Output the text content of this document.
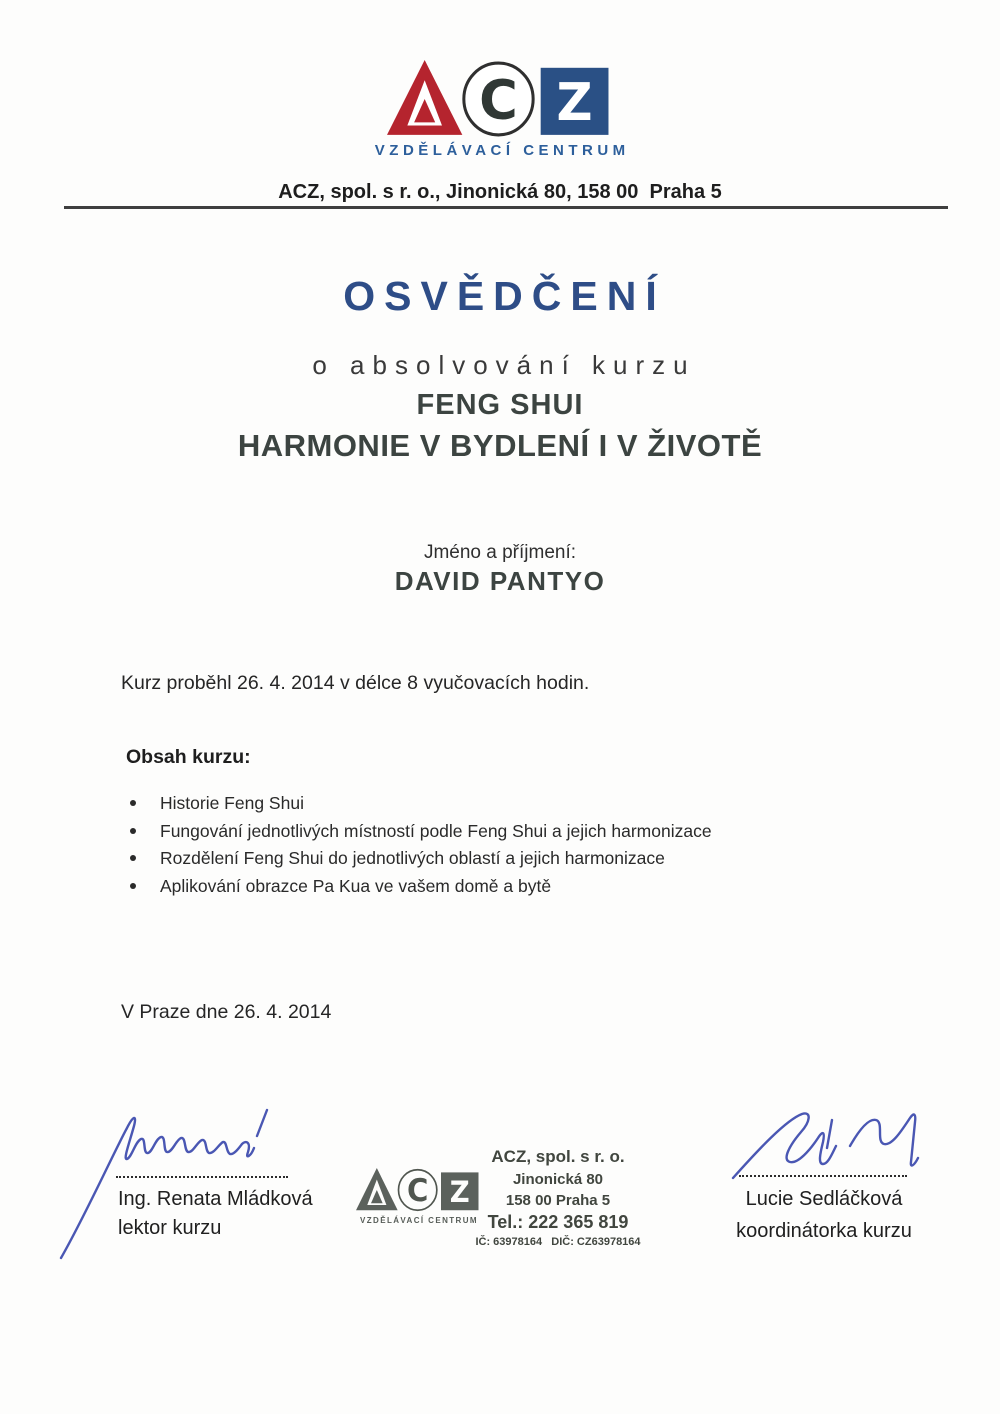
C Z
VZDĚLÁVACÍ CENTRUM
ACZ, spol. s r. o., Jinonická 80, 158 00  Praha 5
OSVĚDČENÍ
o absolvování kurzu
FENG SHUI
HARMONIE V BYDLENÍ I V ŽIVOTĚ
Jméno a příjmení:
DAVID PANTYO
Kurz proběhl 26. 4. 2014 v délce 8 vyučovacích hodin.
Obsah kurzu:
Historie Feng Shui
Fungování jednotlivých místností podle Feng Shui a jejich harmonizace
Rozdělení Feng Shui do jednotlivých oblastí a jejich harmonizace
Aplikování obrazce Pa Kua ve vašem domě a bytě
V Praze dne 26. 4. 2014
Ing. Renata Mládková
lektor kurzu
C Z
VZDĚLÁVACÍ CENTRUM
ACZ, spol. s r. o.
Jinonická 80
158 00 Praha 5
Tel.: 222 365 819
IČ: 63978164   DIČ: CZ63978164
Lucie Sedláčková
koordinátorka kurzu
